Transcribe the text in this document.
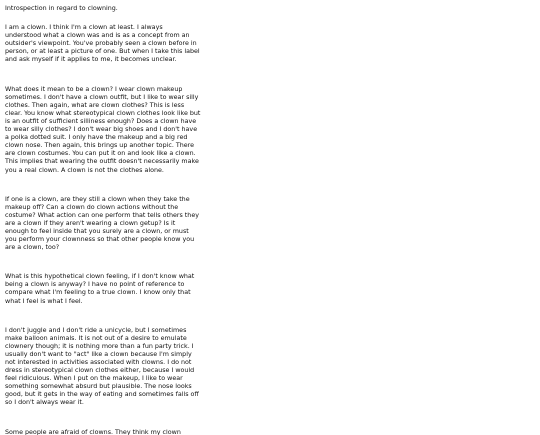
Introspection in regard to clowning.
I am a clown. I think I'm a clown at least. I always
understood what a clown was and is as a concept from an
outsider's viewpoint. You've probably seen a clown before in
person, or at least a picture of one. But when I take this label
and ask myself if it applies to me, it becomes unclear.
What does it mean to be a clown? I wear clown makeup
sometimes. I don't have a clown outfit, but I like to wear silly
clothes. Then again, what are clown clothes? This is less
clear. You know what stereotypical clown clothes look like but
is an outfit of sufficient silliness enough? Does a clown have
to wear silly clothes? I don't wear big shoes and I don't have
a polka dotted suit. I only have the makeup and a big red
clown nose. Then again, this brings up another topic. There
are clown costumes. You can put it on and look like a clown.
This implies that wearing the outfit doesn't necessarily make
you a real clown. A clown is not the clothes alone.
If one is a clown, are they still a clown when they take the
makeup off? Can a clown do clown actions without the
costume? What action can one perform that tells others they
are a clown if they aren't wearing a clown getup? Is it
enough to feel inside that you surely are a clown, or must
you perform your clownness so that other people know you
are a clown, too?
What is this hypothetical clown feeling, if I don't know what
being a clown is anyway? I have no point of reference to
compare what I'm feeling to a true clown. I know only that
what I feel is what I feel.
I don't juggle and I don't ride a unicycle, but I sometimes
make balloon animals. It is not out of a desire to emulate
clownery though; it is nothing more than a fun party trick. I
usually don't want to "act" like a clown because I'm simply
not interested in activities associated with clowns. I do not
dress in stereotypical clown clothes either, because I would
feel ridiculous. When I put on the makeup, I like to wear
something somewhat absurd but plausible. The nose looks
good, but it gets in the way of eating and sometimes falls off
so I don't always wear it.
Some people are afraid of clowns. They think my clown
